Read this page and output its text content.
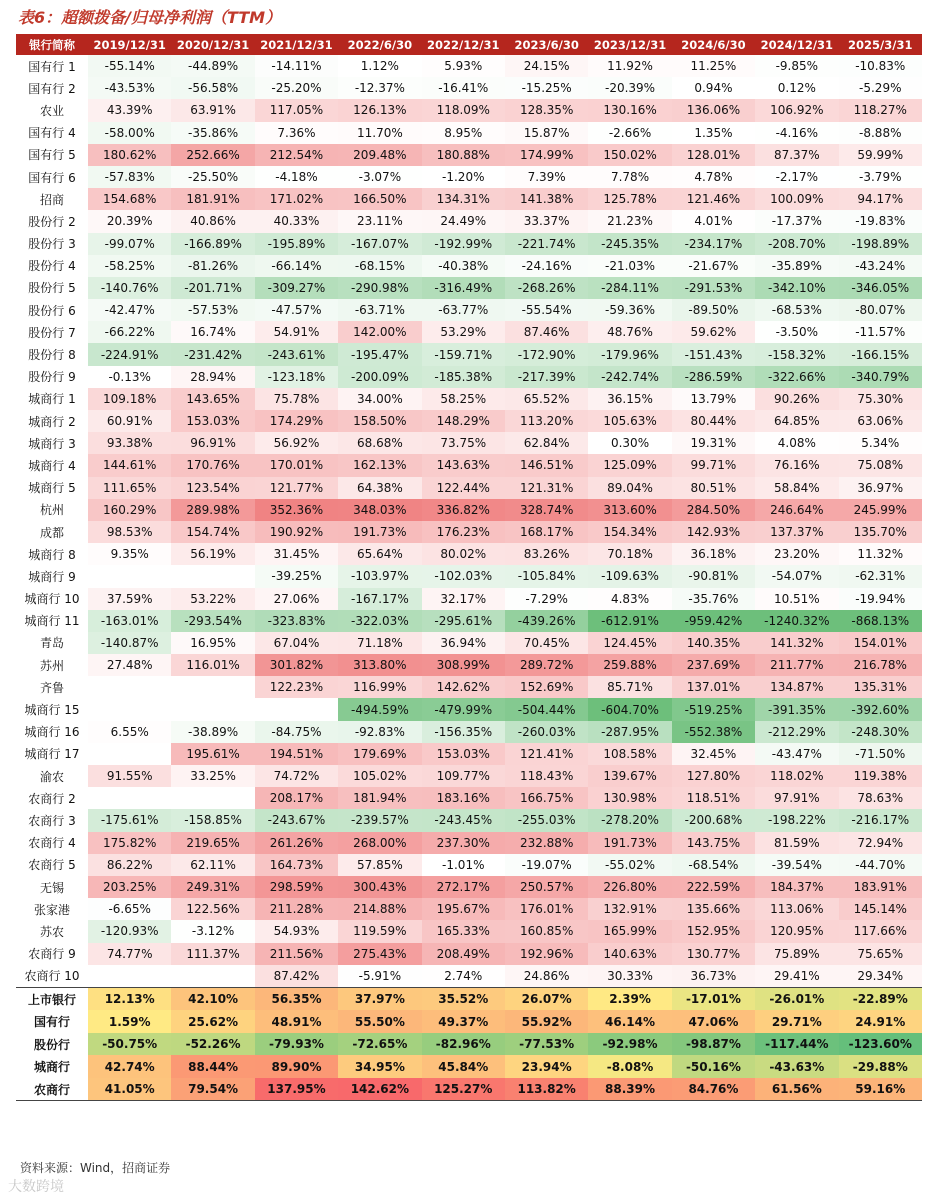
表6：超额拨备/归母净利润（TTM）
银行简称	2019/12/31	2020/12/31	2021/12/31	2022/6/30	2022/12/31	2023/6/30	2023/12/31	2024/6/30	2024/12/31	2025/3/31
国有行 1	-55.14%	-44.89%	-14.11%	1.12%	5.93%	24.15%	11.92%	11.25%	-9.85%	-10.83%
国有行 2	-43.53%	-56.58%	-25.20%	-12.37%	-16.41%	-15.25%	-20.39%	0.94%	0.12%	-5.29%
农业	43.39%	63.91%	117.05%	126.13%	118.09%	128.35%	130.16%	136.06%	106.92%	118.27%
国有行 4	-58.00%	-35.86%	7.36%	11.70%	8.95%	15.87%	-2.66%	1.35%	-4.16%	-8.88%
国有行 5	180.62%	252.66%	212.54%	209.48%	180.88%	174.99%	150.02%	128.01%	87.37%	59.99%
国有行 6	-57.83%	-25.50%	-4.18%	-3.07%	-1.20%	7.39%	7.78%	4.78%	-2.17%	-3.79%
招商	154.68%	181.91%	171.02%	166.50%	134.31%	141.38%	125.78%	121.46%	100.09%	94.17%
股份行 2	20.39%	40.86%	40.33%	23.11%	24.49%	33.37%	21.23%	4.01%	-17.37%	-19.83%
股份行 3	-99.07%	-166.89%	-195.89%	-167.07%	-192.99%	-221.74%	-245.35%	-234.17%	-208.70%	-198.89%
股份行 4	-58.25%	-81.26%	-66.14%	-68.15%	-40.38%	-24.16%	-21.03%	-21.67%	-35.89%	-43.24%
股份行 5	-140.76%	-201.71%	-309.27%	-290.98%	-316.49%	-268.26%	-284.11%	-291.53%	-342.10%	-346.05%
股份行 6	-42.47%	-57.53%	-47.57%	-63.71%	-63.77%	-55.54%	-59.36%	-89.50%	-68.53%	-80.07%
股份行 7	-66.22%	16.74%	54.91%	142.00%	53.29%	87.46%	48.76%	59.62%	-3.50%	-11.57%
股份行 8	-224.91%	-231.42%	-243.61%	-195.47%	-159.71%	-172.90%	-179.96%	-151.43%	-158.32%	-166.15%
股份行 9	-0.13%	28.94%	-123.18%	-200.09%	-185.38%	-217.39%	-242.74%	-286.59%	-322.66%	-340.79%
城商行 1	109.18%	143.65%	75.78%	34.00%	58.25%	65.52%	36.15%	13.79%	90.26%	75.30%
城商行 2	60.91%	153.03%	174.29%	158.50%	148.29%	113.20%	105.63%	80.44%	64.85%	63.06%
城商行 3	93.38%	96.91%	56.92%	68.68%	73.75%	62.84%	0.30%	19.31%	4.08%	5.34%
城商行 4	144.61%	170.76%	170.01%	162.13%	143.63%	146.51%	125.09%	99.71%	76.16%	75.08%
城商行 5	111.65%	123.54%	121.77%	64.38%	122.44%	121.31%	89.04%	80.51%	58.84%	36.97%
杭州	160.29%	289.98%	352.36%	348.03%	336.82%	328.74%	313.60%	284.50%	246.64%	245.99%
成都	98.53%	154.74%	190.92%	191.73%	176.23%	168.17%	154.34%	142.93%	137.37%	135.70%
城商行 8	9.35%	56.19%	31.45%	65.64%	80.02%	83.26%	70.18%	36.18%	23.20%	11.32%
城商行 9			-39.25%	-103.97%	-102.03%	-105.84%	-109.63%	-90.81%	-54.07%	-62.31%
城商行 10	37.59%	53.22%	27.06%	-167.17%	32.17%	-7.29%	4.83%	-35.76%	10.51%	-19.94%
城商行 11	-163.01%	-293.54%	-323.83%	-322.03%	-295.61%	-439.26%	-612.91%	-959.42%	-1240.32%	-868.13%
青岛	-140.87%	16.95%	67.04%	71.18%	36.94%	70.45%	124.45%	140.35%	141.32%	154.01%
苏州	27.48%	116.01%	301.82%	313.80%	308.99%	289.72%	259.88%	237.69%	211.77%	216.78%
齐鲁			122.23%	116.99%	142.62%	152.69%	85.71%	137.01%	134.87%	135.31%
城商行 15				-494.59%	-479.99%	-504.44%	-604.70%	-519.25%	-391.35%	-392.60%
城商行 16	6.55%	-38.89%	-84.75%	-92.83%	-156.35%	-260.03%	-287.95%	-552.38%	-212.29%	-248.30%
城商行 17		195.61%	194.51%	179.69%	153.03%	121.41%	108.58%	32.45%	-43.47%	-71.50%
渝农	91.55%	33.25%	74.72%	105.02%	109.77%	118.43%	139.67%	127.80%	118.02%	119.38%
农商行 2			208.17%	181.94%	183.16%	166.75%	130.98%	118.51%	97.91%	78.63%
农商行 3	-175.61%	-158.85%	-243.67%	-239.57%	-243.45%	-255.03%	-278.20%	-200.68%	-198.22%	-216.17%
农商行 4	175.82%	219.65%	261.26%	268.00%	237.30%	232.88%	191.73%	143.75%	81.59%	72.94%
农商行 5	86.22%	62.11%	164.73%	57.85%	-1.01%	-19.07%	-55.02%	-68.54%	-39.54%	-44.70%
无锡	203.25%	249.31%	298.59%	300.43%	272.17%	250.57%	226.80%	222.59%	184.37%	183.91%
张家港	-6.65%	122.56%	211.28%	214.88%	195.67%	176.01%	132.91%	135.66%	113.06%	145.14%
苏农	-120.93%	-3.12%	54.93%	119.59%	165.33%	160.85%	165.99%	152.95%	120.95%	117.66%
农商行 9	74.77%	111.37%	211.56%	275.43%	208.49%	192.96%	140.63%	130.77%	75.89%	75.65%
农商行 10			87.42%	-5.91%	2.74%	24.86%	30.33%	36.73%	29.41%	29.34%
上市银行	12.13%	42.10%	56.35%	37.97%	35.52%	26.07%	2.39%	-17.01%	-26.01%	-22.89%
国有行	1.59%	25.62%	48.91%	55.50%	49.37%	55.92%	46.14%	47.06%	29.71%	24.91%
股份行	-50.75%	-52.26%	-79.93%	-72.65%	-82.96%	-77.53%	-92.98%	-98.87%	-117.44%	-123.60%
城商行	42.74%	88.44%	89.90%	34.95%	45.84%	23.94%	-8.08%	-50.16%	-43.63%	-29.88%
农商行	41.05%	79.54%	137.95%	142.62%	125.27%	113.82%	88.39%	84.76%	61.56%	59.16%
资料来源：Wind，招商证券
大数跨境
